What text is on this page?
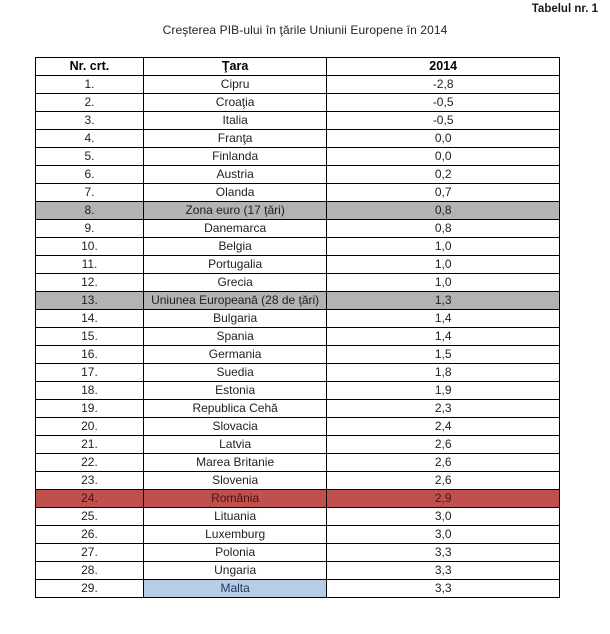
Tabelul nr. 1
Creşterea PIB-ului în ţările Uniunii Europene în 2014
Nr. crt.	Ţara	2014
1.	Cipru	-2,8
2.	Croaţia	-0,5
3.	Italia	-0,5
4.	Franţa	0,0
5.	Finlanda	0,0
6.	Austria	0,2
7.	Olanda	0,7
8.	Zona euro (17 ţări)	0,8
9.	Danemarca	0,8
10.	Belgia	1,0
11.	Portugalia	1,0
12.	Grecia	1,0
13.	Uniunea Europeană (28 de ţări)	1,3
14.	Bulgaria	1,4
15.	Spania	1,4
16.	Germania	1,5
17.	Suedia	1,8
18.	Estonia	1,9
19.	Republica Cehă	2,3
20.	Slovacia	2,4
21.	Latvia	2,6
22.	Marea Britanie	2,6
23.	Slovenia	2,6
24.	România	2,9
25.	Lituania	3,0
26.	Luxemburg	3,0
27.	Polonia	3,3
28.	Ungaria	3,3
29.	Malta	3,3
